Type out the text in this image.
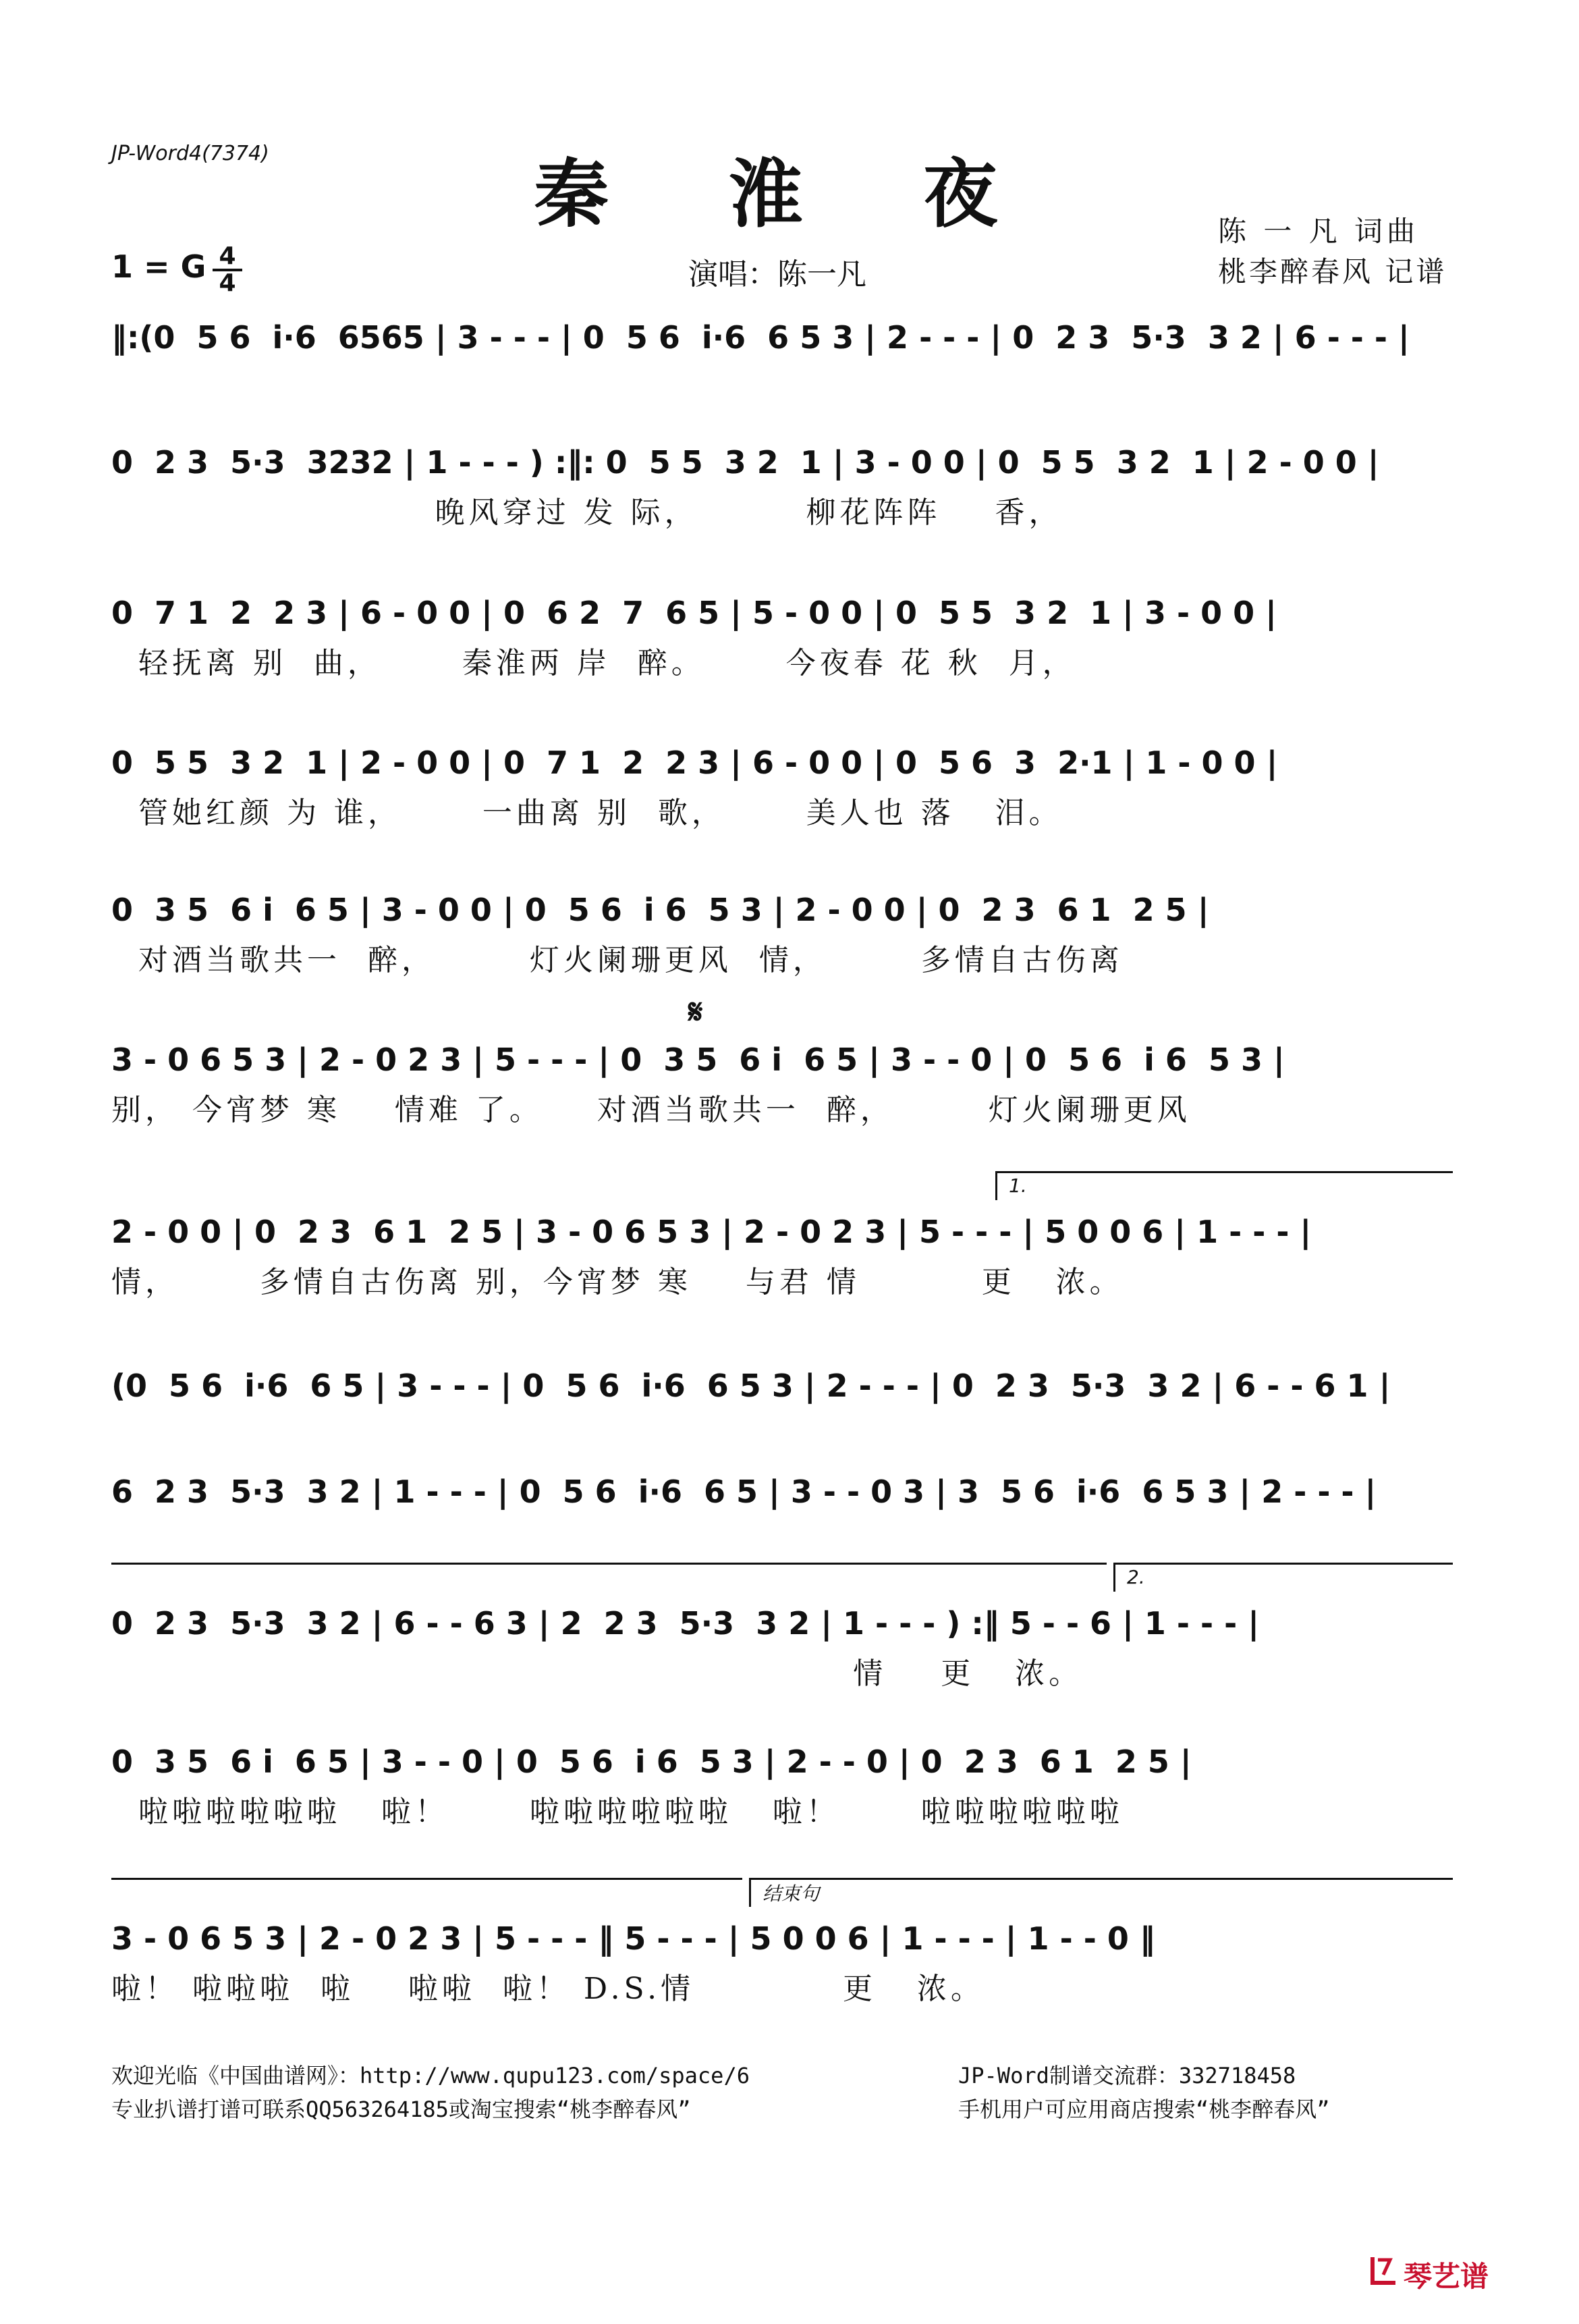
JP-Word4(7374)	秦 淮 夜
1 = G $\frac{4}{4}$	演唱：陈一凡
陈 一 凡 词曲
桃李醉春风 记谱
‖:(0  5 6  i·6  6565 | 3 - - - | 0  5 6  i·6  6 5 3 | 2 - - - | 0  2 3  5·3  3 2 | 6 - - - |
0  2 3  5·3  3232 | 1 - - - ) :‖: 0  5 5  3 2  1 | 3 - 0 0 | 0  5 5  3 2  1 | 2 - 0 0 |
晚风穿过 发 际，        柳花阵阵    香，
0  7 1  2  2 3 | 6 - 0 0 | 0  6 2  7  6 5 | 5 - 0 0 | 0  5 5  3 2  1 | 3 - 0 0 |
轻抚离 别  曲，      秦淮两 岸  醉。      今夜春 花 秋  月，
0  5 5  3 2  1 | 2 - 0 0 | 0  7 1  2  2 3 | 6 - 0 0 | 0  5 6  3  2·1 | 1 - 0 0 |
管她红颜 为 谁，      一曲离 别  歌，      美人也 落   泪。
0  3 5  6 i  6 5 | 3 - 0 0 | 0  5 6  i 6  5 3 | 2 - 0 0 | 0  2 3  6 1  2 5 |
对酒当歌共一  醉，       灯火阑珊更风  情，       多情自古伤离
𝄋
3 - 0 6 5 3 | 2 - 0 2 3 | 5 - - - | 0  3 5  6 i  6 5 | 3 - - 0 | 0  5 6  i 6  5 3 |
别， 今宵梦 寒    情难 了。    对酒当歌共一  醉，       灯火阑珊更风
1.
2 - 0 0 | 0  2 3  6 1  2 5 | 3 - 0 6 5 3 | 2 - 0 2 3 | 5 - - - | 5 0 0 6 | 1 - - - |
情，      多情自古伤离 别，今宵梦 寒    与君 情         更   浓。
(0  5 6  i·6  6 5 | 3 - - - | 0  5 6  i·6  6 5 3 | 2 - - - | 0  2 3  5·3  3 2 | 6 - - 6 1 |
6  2 3  5·3  3 2 | 1 - - - | 0  5 6  i·6  6 5 | 3 - - 0 3 | 3  5 6  i·6  6 5 3 | 2 - - - |
2.
0  2 3  5·3  3 2 | 6 - - 6 3 | 2  2 3  5·3  3 2 | 1 - - - ) :‖ 5 - - 6 | 1 - - - |
情    更   浓。
0  3 5  6 i  6 5 | 3 - - 0 | 0  5 6  i 6  5 3 | 2 - - 0 | 0  2 3  6 1  2 5 |
啦啦啦啦啦啦   啦！      啦啦啦啦啦啦   啦！      啦啦啦啦啦啦
结束句
3 - 0 6 5 3 | 2 - 0 2 3 | 5 - - - ‖ 5 - - - | 5 0 0 6 | 1 - - - | 1 - - 0 ‖
啦！ 啦啦啦  啦    啦啦  啦！ D.S.情           更   浓。
欢迎光临《中国曲谱网》：http://www.qupu123.com/space/6
专业扒谱打谱可联系QQ563264185或淘宝搜索“桃李醉春风”
JP-Word制谱交流群：332718458
手机用户可应用商店搜索“桃李醉春风”
琴艺谱
